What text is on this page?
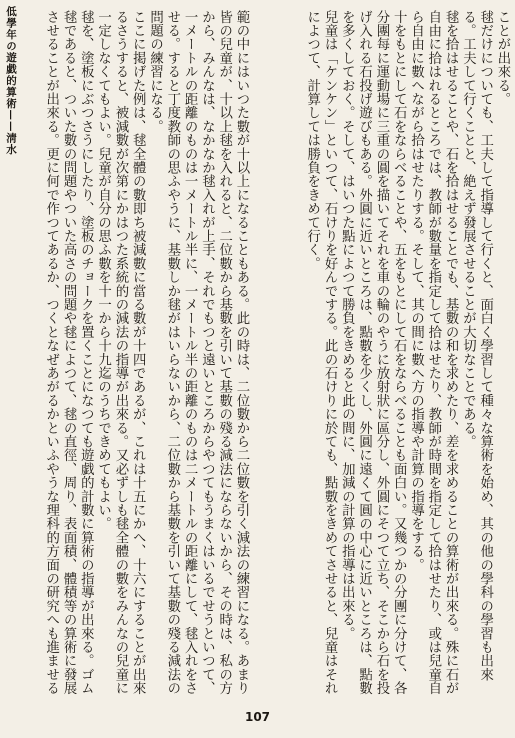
低學年の遊戯的算術——淸水	範の中にはいつた數が十以上になることもある。此の時は、二位數から二位數を引く減法の練習になる。あまり皆の兒童が、十以上毬を入れると、二位數から基數を引いて基數の殘る減法にならないから、その時は、私の方から、みんなは、なかなか毬入れが上手、それでもつと遠いところからやつてもうまくはいるでせうといつて、一メートルの距離のものは一メートル半に、一メートル半の距離のものは二メートルの距離にして、毬入れをさせる。すると丁度教師の思ふやうに、基數しか毬がはいらないから、二位數から基數を引いて基數の殘る減法の問題の練習になる。

ここに掲げた例は、毬全體の數即ち被減數に當る數が十四であるが、これは十五にかへ、十六にすることが出來るさうすると、被減數が次第にかはつた系統的の減法の指導が出來る。又必ずしも毬全體の數をみんなの兒童に一定しなくてもよい。兒童が自分の思ふ數を十一から十九迄のうちできめてもよい。

毬を、塗板にぶつさうにしたり、塗板のチョークを置くことになつても遊戯的計數に算術の指導が出來る。ゴム毬であると、ついた數の問題やついた高さの問題や毬によつて、毬の直徑、周り、表面積、體積等の算術に發展させることが出來る。更に何で作つてあるか、つくとなぜあがるかといふやうな理科的方面の研究へも進ませる	ことが出來る。

毬だけについても、工夫して指導して行くと、面白く學習して種々な算術を始め、其の他の學科の學習も出來る。工夫して行くことと、絶えず發展させることが大切なことである。

毬を拾はせることや、石を拾はせることでも、基數の和を求めたり、差を求めることの算術が出來る。殊に石が自由に拾はれるところでは、教師が數量を指定して拾はせたり、教師が時間を指定して拾はせたり、或は兒童自ら自由に數へながら拾はせたりする。そして、其の間に數へ方の指導や計算の指導をする。

十をもとにして石をならべることや、五をもとにして石をならべることも面白い。又幾つかの分團に分けて、各分團每に運動場に三重の圓を描いてそれを車の輪のやうに放射狀に區分し、外圓にそつて立ち、そこから石を投げ入れる石投げ遊びもある。外圓に近いところは、點數を少くし、外圓に遠くて圓の中心に近いところは、點數を多くしておく。そして、はいつた點によつて勝負をきめると此の間に、加減の計算の指導は出來る。

兒童は「ケンケン」といつて、石けりを好んでする。此の石けりに於ても、點數をきめてさせると、兒童はそれによつて、計算しては勝負をきめて行く。

107
